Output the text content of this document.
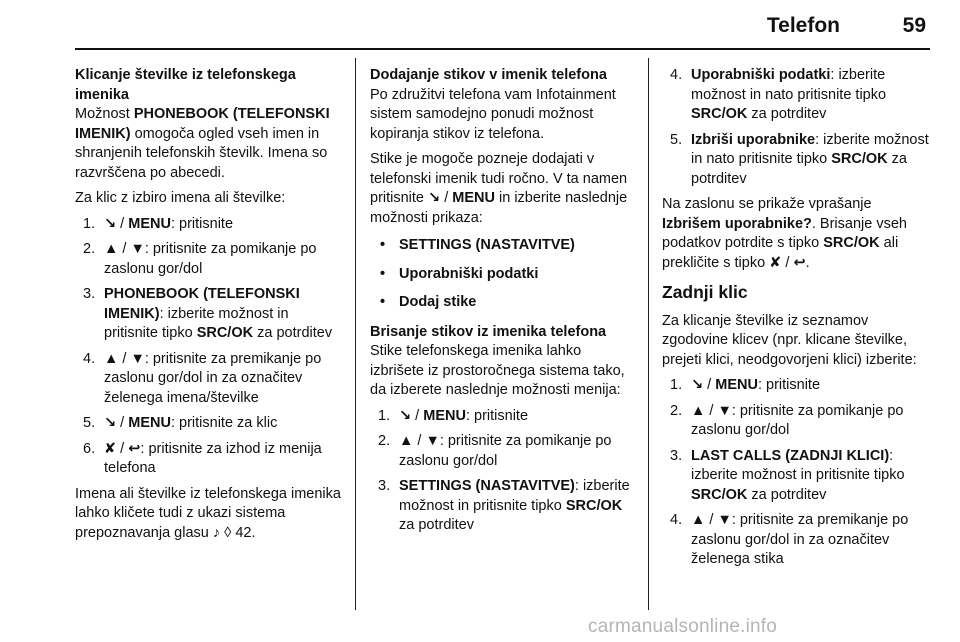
Telefon	59

Klicanje številke iz telefonskega imenika

Možnost PHONEBOOK (TELEFONSKI IMENIK) omogoča ogled vseh imen in shranjenih telefonskih številk. Imena so razvrščena po abecedi.

Za klic z izbiro imena ali številke:

1. ↘ / MENU: pritisnite
2. ▲ / ▼: pritisnite za pomikanje po zaslonu gor/dol
3. PHONEBOOK (TELEFONSKI IMENIK): izberite možnost in pritisnite tipko SRC/OK za potrditev
4. ▲ / ▼: pritisnite za premikanje po zaslonu gor/dol in za označitev želenega imena/številke
5. ↘ / MENU: pritisnite za klic
6. ✘ / ↩: pritisnite za izhod iz menija telefona

Imena ali številke iz telefonskega imenika lahko kličete tudi z ukazi sistema prepoznavanja glasu ♪ ◊ 42.

Dodajanje stikov v imenik telefona

Po združitvi telefona vam Infotainment sistem samodejno ponudi možnost kopiranja stikov iz telefona.

Stike je mogoče pozneje dodajati v telefonski imenik tudi ročno. V ta namen pritisnite ↘ / MENU in izberite naslednje možnosti prikaza:

• SETTINGS (NASTAVITVE)
• Uporabniški podatki
• Dodaj stike

Brisanje stikov iz imenika telefona

Stike telefonskega imenika lahko izbrišete iz prostoročnega sistema tako, da izberete naslednje možnosti menija:

1. ↘ / MENU: pritisnite
2. ▲ / ▼: pritisnite za pomikanje po zaslonu gor/dol
3. SETTINGS (NASTAVITVE): izberite možnost in pritisnite tipko SRC/OK za potrditev
4. Uporabniški podatki: izberite možnost in nato pritisnite tipko SRC/OK za potrditev
5. Izbriši uporabnike: izberite možnost in nato pritisnite tipko SRC/OK za potrditev

Na zaslonu se prikaže vprašanje Izbrišem uporabnike?. Brisanje vseh podatkov potrdite s tipko SRC/OK ali prekličite s tipko ✘ / ↩.

Zadnji klic

Za klicanje številke iz seznamov zgodovine klicev (npr. klicane številke, prejeti klici, neodgovorjeni klici) izberite:

1. ↘ / MENU: pritisnite
2. ▲ / ▼: pritisnite za pomikanje po zaslonu gor/dol
3. LAST CALLS (ZADNJI KLICI): izberite možnost in pritisnite tipko SRC/OK za potrditev
4. ▲ / ▼: pritisnite za premikanje po zaslonu gor/dol in za označitev želenega stika
carmanualsonline.info
